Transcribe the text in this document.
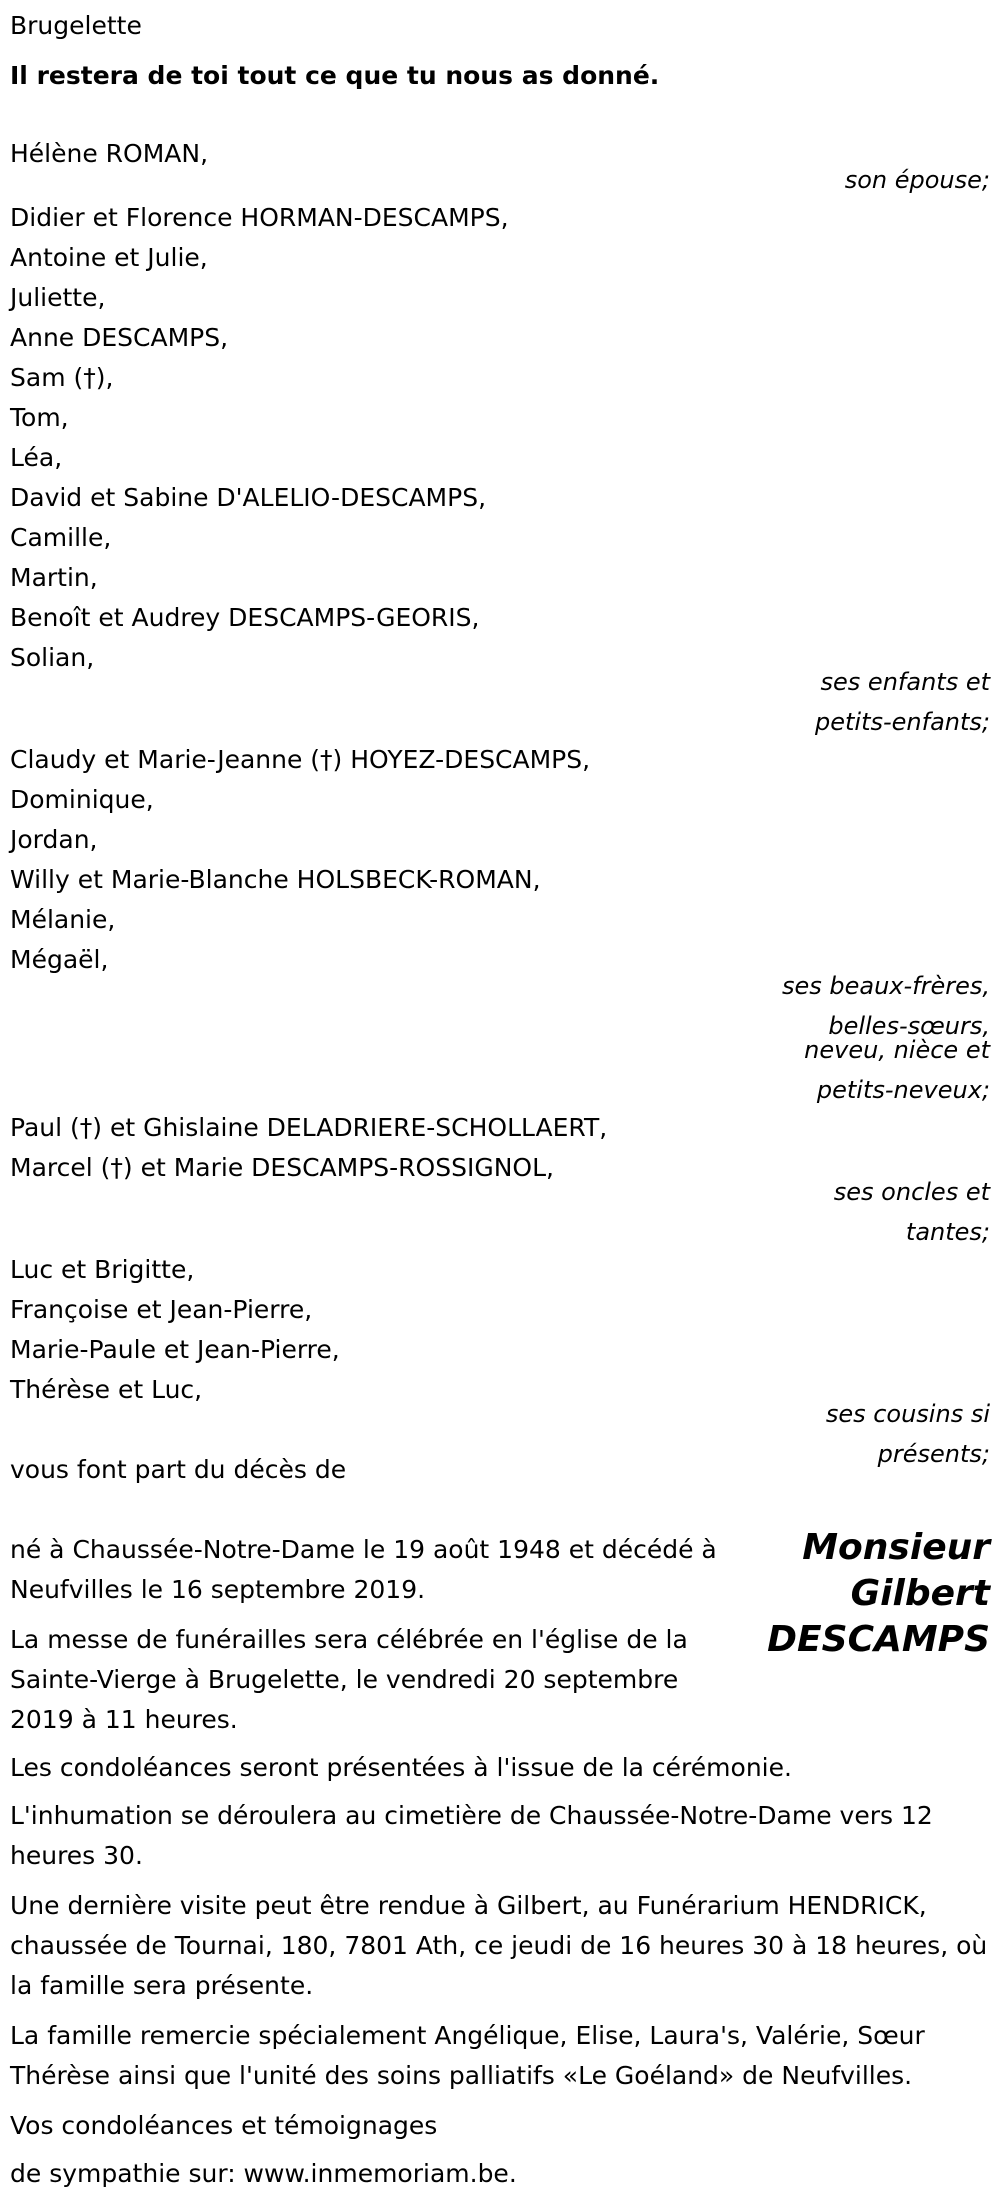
Brugelette
Il restera de toi tout ce que tu nous as donné.
Hélène ROMAN,
son épouse;
Didier et Florence HORMAN-DESCAMPS,
Antoine et Julie,
Juliette,
Anne DESCAMPS,
Sam (†),
Tom,
Léa,
David et Sabine D'ALELIO-DESCAMPS,
Camille,
Martin,
Benoît et Audrey DESCAMPS-GEORIS,
Solian,
ses enfants et
petits-enfants;
Claudy et Marie-Jeanne (†) HOYEZ-DESCAMPS,
Dominique,
Jordan,
Willy et Marie-Blanche HOLSBECK-ROMAN,
Mélanie,
Mégaël,
ses beaux-frères,
belles-sœurs,
neveu, nièce et
petits-neveux;
Paul (†) et Ghislaine DELADRIERE-SCHOLLAERT,
Marcel (†) et Marie DESCAMPS-ROSSIGNOL,
ses oncles et
tantes;
Luc et Brigitte,
Françoise et Jean-Pierre,
Marie-Paule et Jean-Pierre,
Thérèse et Luc,
ses cousins si
présents;
vous font part du décès de
Monsieur
Gilbert
DESCAMPS
né à Chaussée-Notre-Dame le 19 août 1948 et décédé à Neufvilles le 16 septembre 2019.
La messe de funérailles sera célébrée en l'église de la Sainte-Vierge à Brugelette, le vendredi 20 septembre 2019 à 11 heures.
Les condoléances seront présentées à l'issue de la cérémonie.
L'inhumation se déroulera au cimetière de Chaussée-Notre-Dame vers 12 heures 30.
Une dernière visite peut être rendue à Gilbert, au Funérarium HENDRICK, chaussée de Tournai, 180, 7801 Ath, ce jeudi de 16 heures 30 à 18 heures, où la famille sera présente.
La famille remercie spécialement Angélique, Elise, Laura's, Valérie, Sœur Thérèse ainsi que l'unité des soins palliatifs «Le Goéland» de Neufvilles.
Vos condoléances et témoignages
de sympathie sur: www.inmemoriam.be.
